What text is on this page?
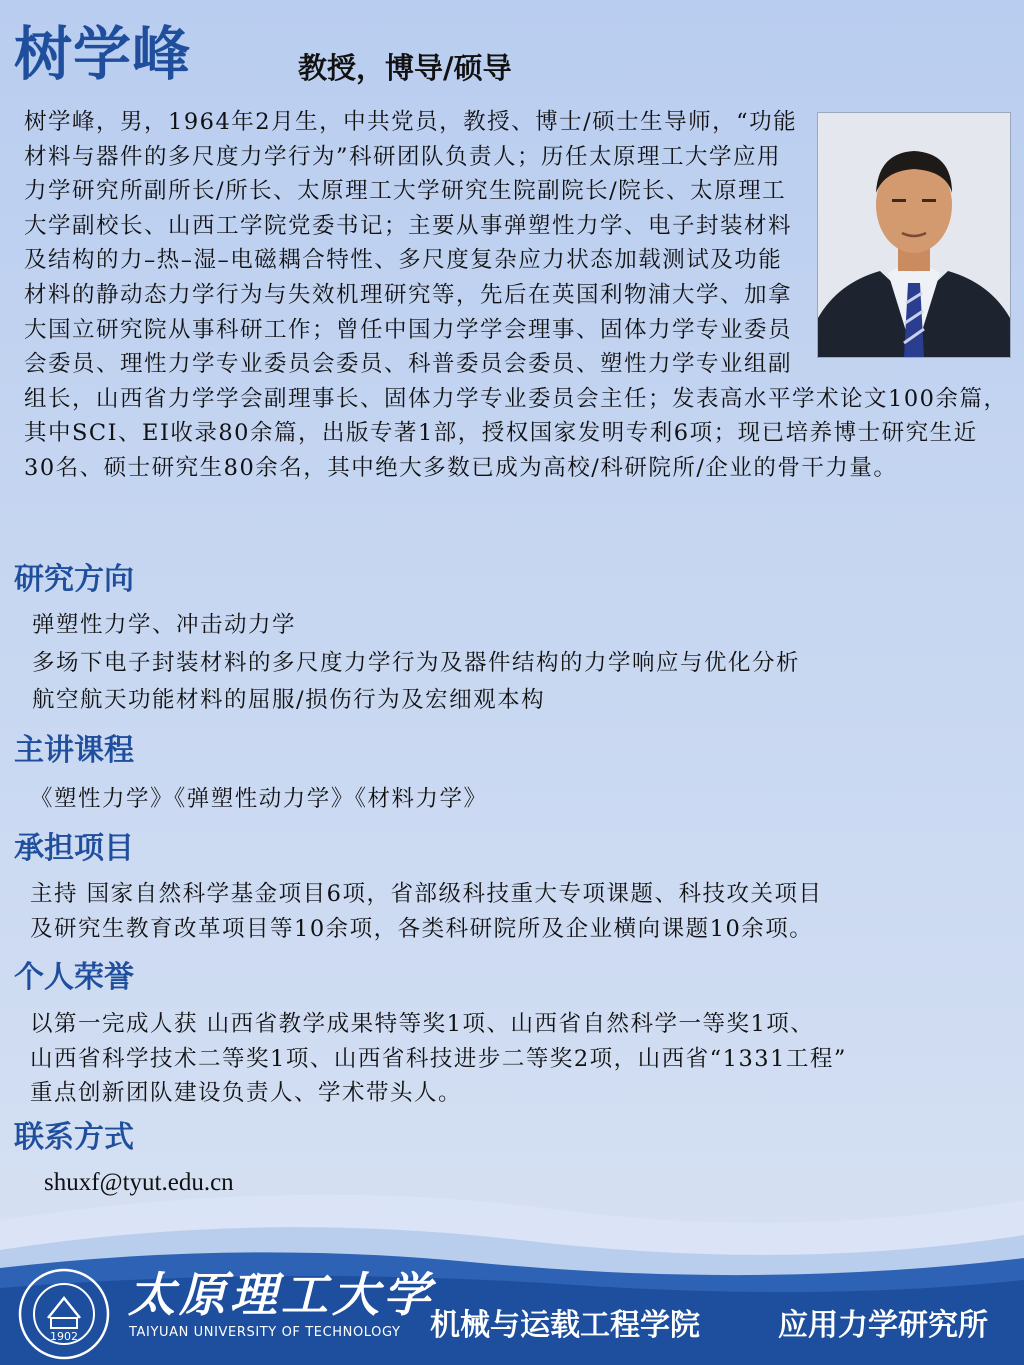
树学峰	教授，博导/硕导

树学峰，男，1964年2月生，中共党员，教授、博士/硕士生导师，“功能材料与器件的多尺度力学行为”科研团队负责人；历任太原理工大学应用力学研究所副所长/所长、太原理工大学研究生院副院长/院长、太原理工大学副校长、山西工学院党委书记；主要从事弹塑性力学、电子封装材料及结构的力–热–湿–电磁耦合特性、多尺度复杂应力状态加载测试及功能材料的静动态力学行为与失效机理研究等，先后在英国利物浦大学、加拿大国立研究院从事科研工作；曾任中国力学学会理事、固体力学专业委员会委员、理性力学专业委员会委员、科普委员会委员、塑性力学专业组副组长，山西省力学学会副理事长、固体力学专业委员会主任；发表高水平学术论文100余篇，其中SCI、EI收录80余篇，出版专著1部，授权国家发明专利6项；现已培养博士研究生近30名、硕士研究生80余名，其中绝大多数已成为高校/科研院所/企业的骨干力量。

研究方向
弹塑性力学、冲击动力学
多场下电子封装材料的多尺度力学行为及器件结构的力学响应与优化分析
航空航天功能材料的屈服/损伤行为及宏细观本构
主讲课程
《塑性力学》《弹塑性动力学》《材料力学》
承担项目
主持 国家自然科学基金项目6项，省部级科技重大专项课题、科技攻关项目
及研究生教育改革项目等10余项，各类科研院所及企业横向课题10余项。
个人荣誉
以第一完成人获 山西省教学成果特等奖1项、山西省自然科学一等奖1项、
山西省科学技术二等奖1项、山西省科技进步二等奖2项，山西省“1331工程”
重点创新团队建设负责人、学术带头人。
联系方式
shuxf@tyut.edu.cn
1902
太原理工大学
TAIYUAN UNIVERSITY OF TECHNOLOGY 机械与运载工程学院	应用力学研究所
